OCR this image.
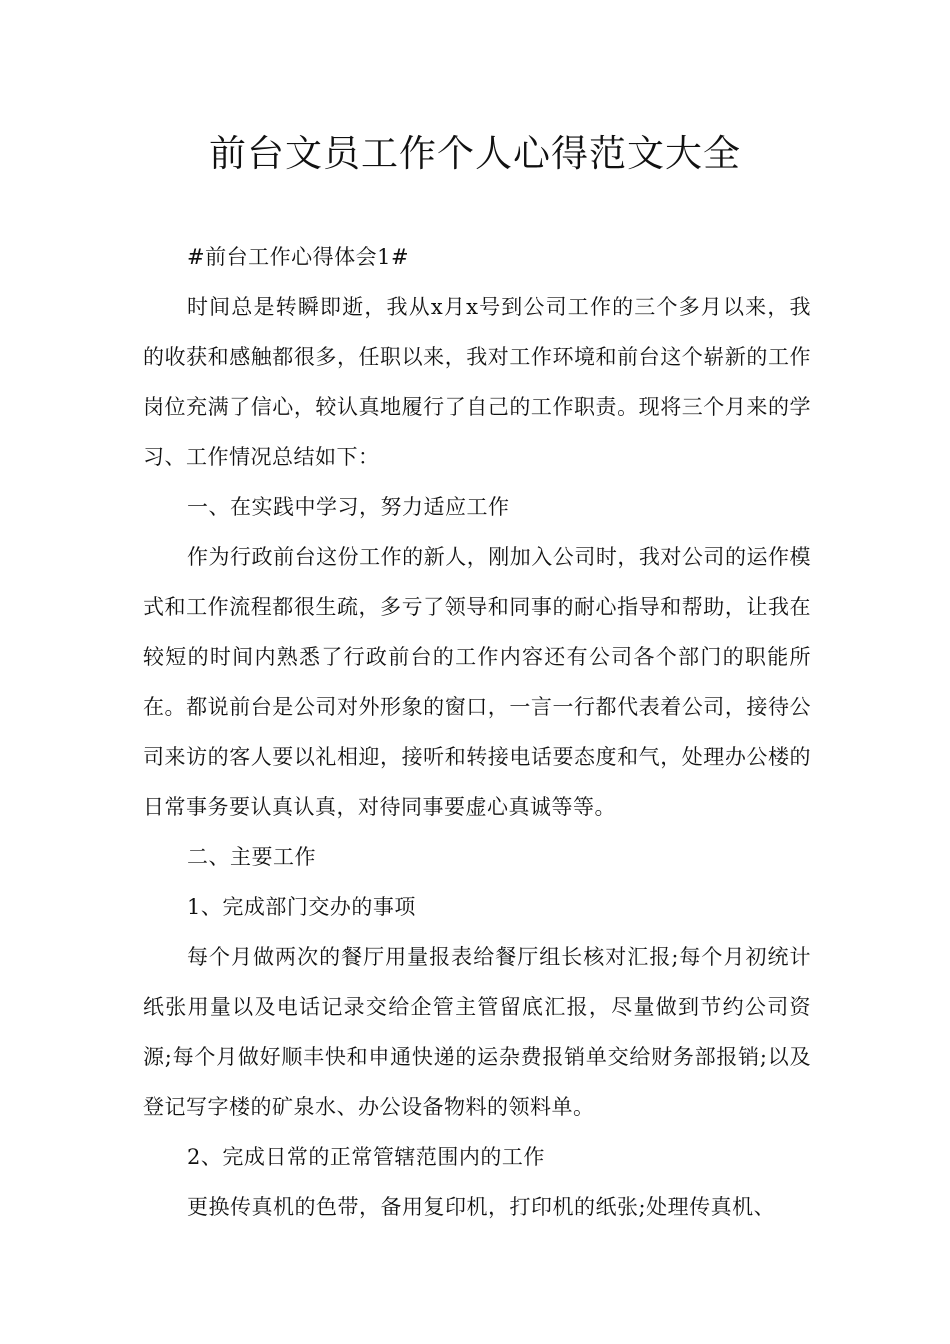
前台文员工作个人心得范文大全

#前台工作心得体会1#

时间总是转瞬即逝，我从x月x号到公司工作的三个多月以来，我的收获和感触都很多，任职以来，我对工作环境和前台这个崭新的工作岗位充满了信心，较认真地履行了自己的工作职责。现将三个月来的学习、工作情况总结如下：

一、在实践中学习，努力适应工作

作为行政前台这份工作的新人，刚加入公司时，我对公司的运作模式和工作流程都很生疏，多亏了领导和同事的耐心指导和帮助，让我在较短的时间内熟悉了行政前台的工作内容还有公司各个部门的职能所在。都说前台是公司对外形象的窗口，一言一行都代表着公司，接待公司来访的客人要以礼相迎，接听和转接电话要态度和气，处理办公楼的日常事务要认真认真，对待同事要虚心真诚等等。

二、主要工作

1、完成部门交办的事项

每个月做两次的餐厅用量报表给餐厅组长核对汇报;每个月初统计纸张用量以及电话记录交给企管主管留底汇报，尽量做到节约公司资源;每个月做好顺丰快和申通快递的运杂费报销单交给财务部报销;以及登记写字楼的矿泉水、办公设备物料的领料单。

2、完成日常的正常管辖范围内的工作

更换传真机的色带，备用复印机，打印机的纸张;处理传真机、
